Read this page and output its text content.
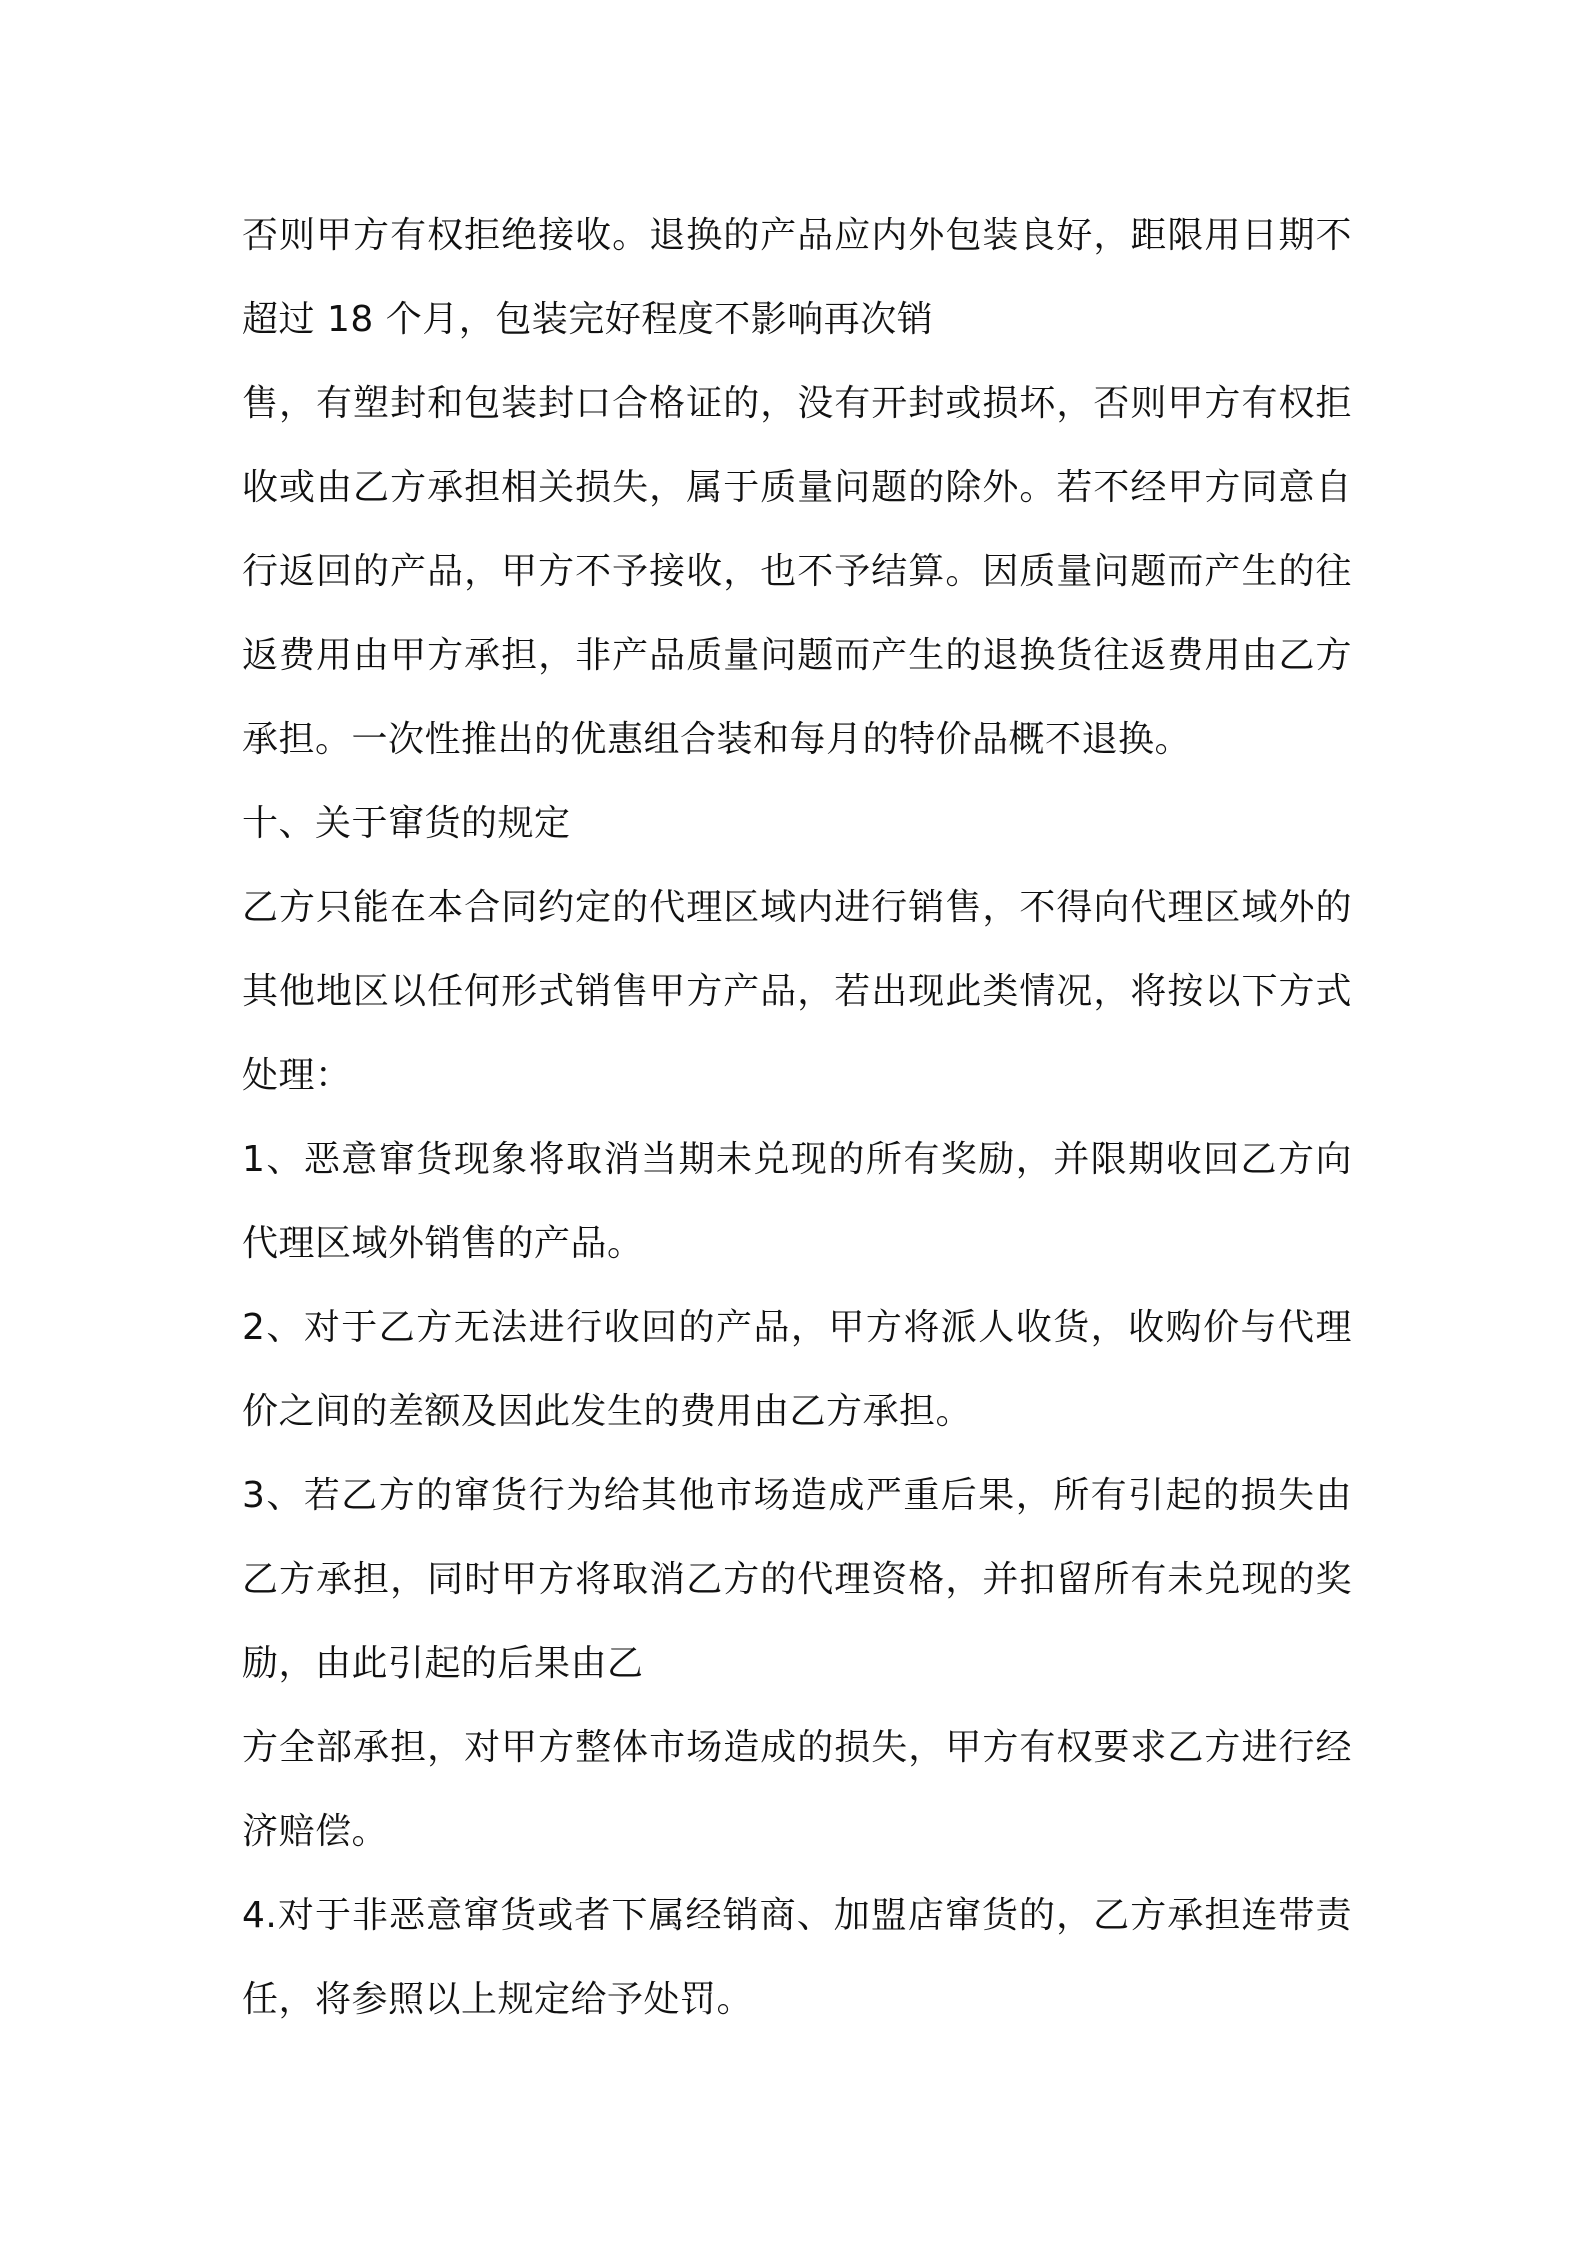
否则甲方有权拒绝接收。退换的产品应内外包装良好，距限用日期不
超过 18 个月，包装完好程度不影响再次销
售，有塑封和包装封口合格证的，没有开封或损坏，否则甲方有权拒
收或由乙方承担相关损失，属于质量问题的除外。若不经甲方同意自
行返回的产品，甲方不予接收，也不予结算。因质量问题而产生的往
返费用由甲方承担，非产品质量问题而产生的退换货往返费用由乙方
承担。一次性推出的优惠组合装和每月的特价品概不退换。
十、关于窜货的规定
乙方只能在本合同约定的代理区域内进行销售，不得向代理区域外的
其他地区以任何形式销售甲方产品，若出现此类情况，将按以下方式
处理：
1、恶意窜货现象将取消当期未兑现的所有奖励，并限期收回乙方向
代理区域外销售的产品。
2、对于乙方无法进行收回的产品，甲方将派人收货，收购价与代理
价之间的差额及因此发生的费用由乙方承担。
3、若乙方的窜货行为给其他市场造成严重后果，所有引起的损失由
乙方承担，同时甲方将取消乙方的代理资格，并扣留所有未兑现的奖
励，由此引起的后果由乙
方全部承担，对甲方整体市场造成的损失，甲方有权要求乙方进行经
济赔偿。
4.对于非恶意窜货或者下属经销商、加盟店窜货的，乙方承担连带责
任，将参照以上规定给予处罚。
